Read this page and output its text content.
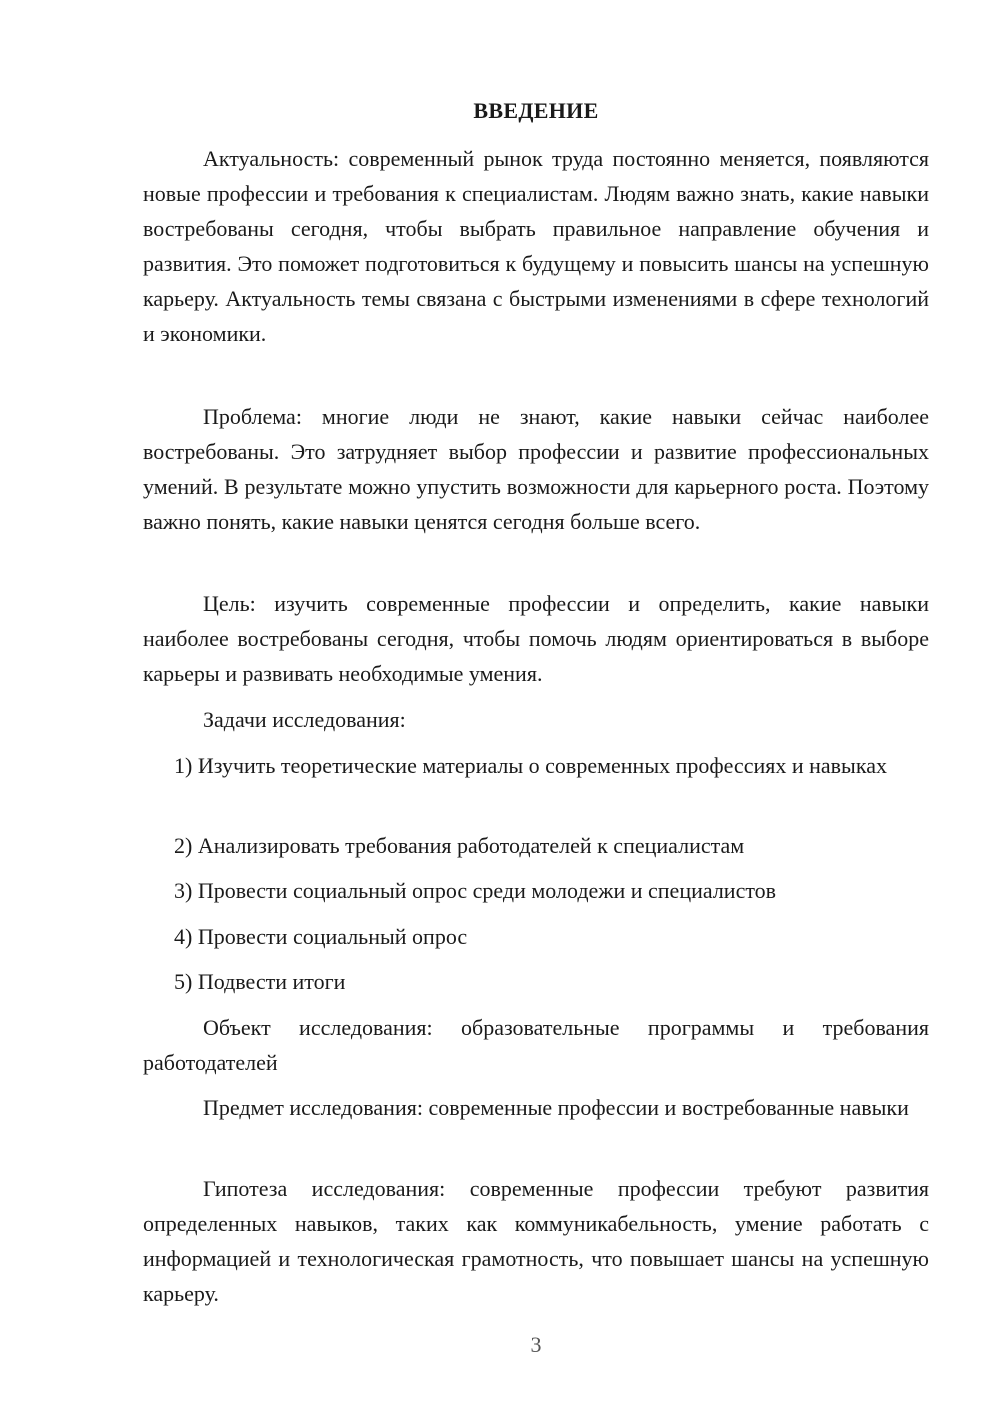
ВВЕДЕНИЕ

Актуальность: современный рынок труда постоянно меняется, появляются новые профессии и требования к специалистам. Людям важно знать, какие навыки востребованы сегодня, чтобы выбрать правильное направление обучения и развития. Это поможет подготовиться к будущему и повысить шансы на успешную карьеру. Актуальность темы связана с быстрыми изменениями в сфере технологий и экономики.

Проблема: многие люди не знают, какие навыки сейчас наиболее востребованы. Это затрудняет выбор профессии и развитие профессиональных умений. В результате можно упустить возможности для карьерного роста. Поэтому важно понять, какие навыки ценятся сегодня больше всего.

Цель: изучить современные профессии и определить, какие навыки наиболее востребованы сегодня, чтобы помочь людям ориентироваться в выборе карьеры и развивать необходимые умения.

Задачи исследования:

1) Изучить теоретические материалы о современных профессиях и навыках

2) Анализировать требования работодателей к специалистам

3) Провести социальный опрос среди молодежи и специалистов

4) Провести социальный опрос

5) Подвести итоги

Объект исследования: образовательные программы и требования работодателей

Предмет исследования: современные профессии и востребованные навыки

Гипотеза исследования: современные профессии требуют развития определенных навыков, таких как коммуникабельность, умение работать с информацией и технологическая грамотность, что повышает шансы на успешную карьеру.

3
